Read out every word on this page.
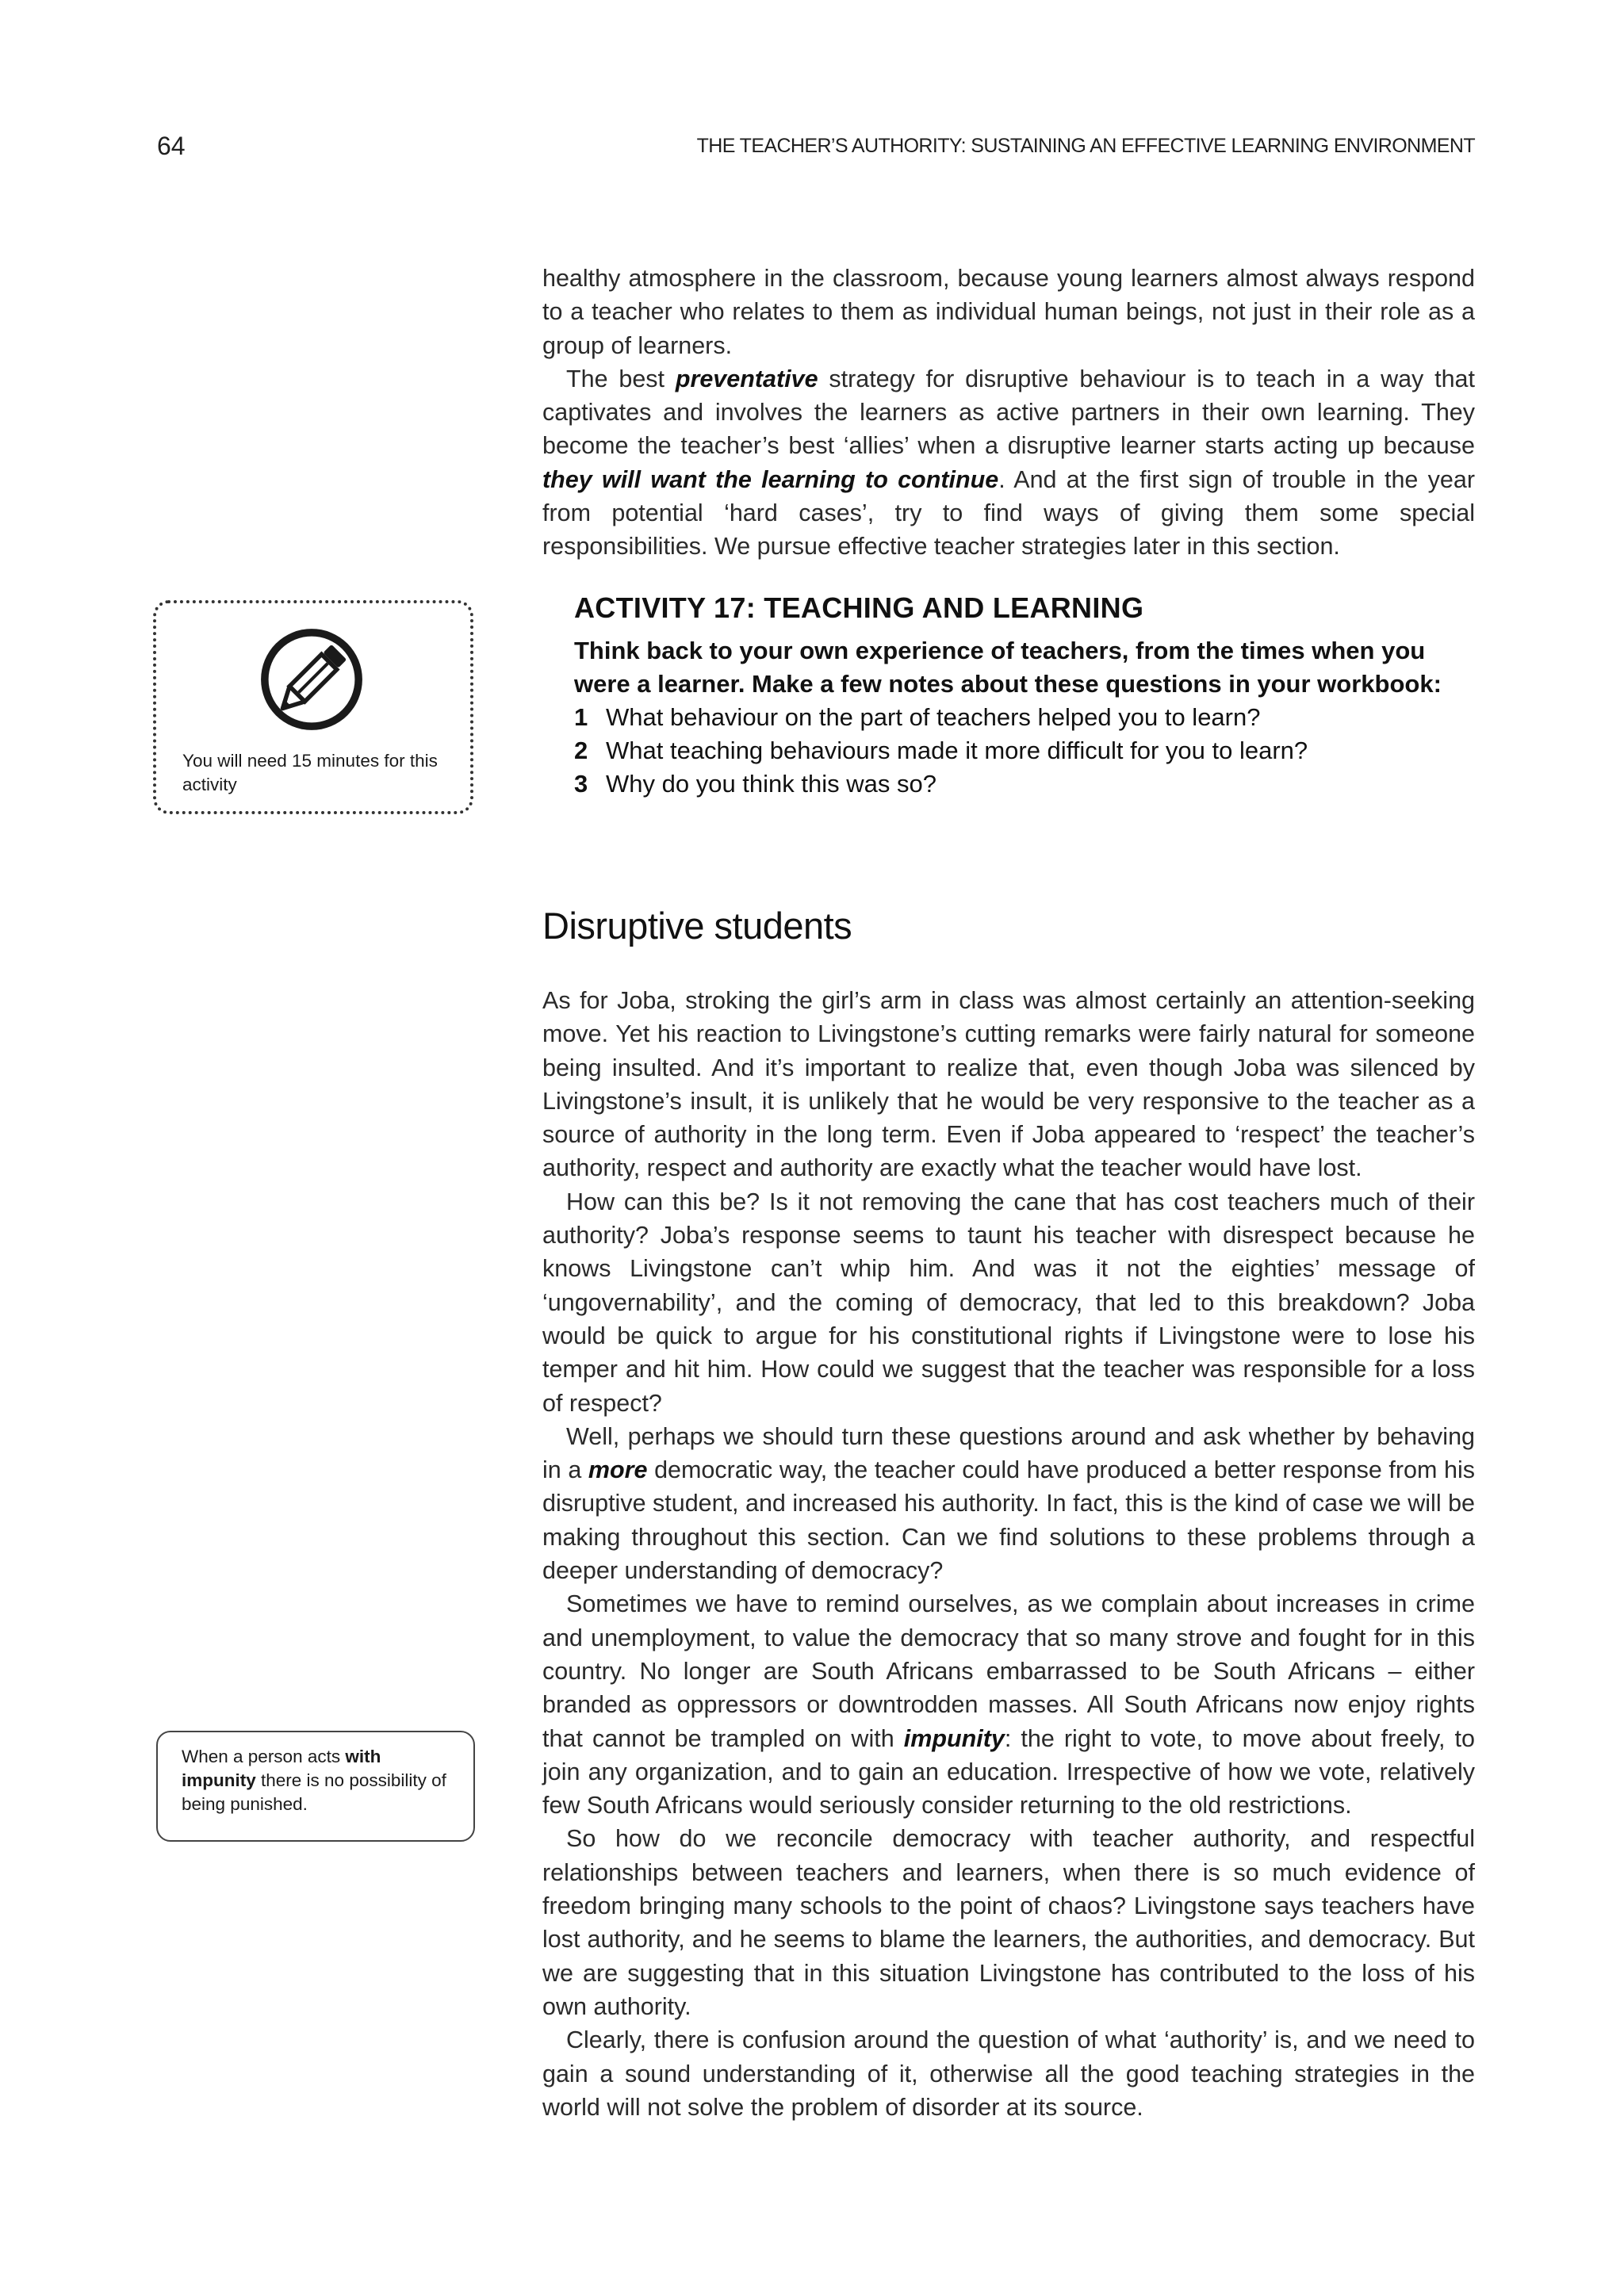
64	THE TEACHER’S AUTHORITY: SUSTAINING AN EFFECTIVE LEARNING ENVIRONMENT

healthy atmosphere in the classroom, because young learners almost always respond to a teacher who relates to them as individual human beings, not just in their role as a group of learners.
The best preventative strategy for disruptive behaviour is to teach in a way that captivates and involves the learners as active partners in their own learning. They become the teacher’s best ‘allies’ when a disruptive learner starts acting up because they will want the learning to continue. And at the first sign of trouble in the year from potential ‘hard cases’, try to find ways of giving them some special responsibilities. We pursue effective teacher strategies later in this section.

You will need 15 minutes for this activity
ACTIVITY 17: TEACHING AND LEARNING

Think back to your own experience of teachers, from the times when you were a learner. Make a few notes about these questions in your workbook:

1 What behaviour on the part of teachers helped you to learn?
2 What teaching behaviours made it more difficult for you to learn?
3 Why do you think this was so?
Disruptive students

As for Joba, stroking the girl’s arm in class was almost certainly an attention-seeking move. Yet his reaction to Livingstone’s cutting remarks were fairly natural for someone being insulted. And it’s important to realize that, even though Joba was silenced by Livingstone’s insult, it is unlikely that he would be very responsive to the teacher as a source of authority in the long term. Even if Joba appeared to ‘respect’ the teacher’s authority, respect and authority are exactly what the teacher would have lost.
How can this be? Is it not removing the cane that has cost teachers much of their authority? Joba’s response seems to taunt his teacher with disrespect because he knows Livingstone can’t whip him. And was it not the eighties’ message of ‘ungovernability’, and the coming of democracy, that led to this breakdown? Joba would be quick to argue for his constitutional rights if Livingstone were to lose his temper and hit him. How could we suggest that the teacher was responsible for a loss of respect?
Well, perhaps we should turn these questions around and ask whether by behaving in a more democratic way, the teacher could have produced a better response from his disruptive student, and increased his authority. In fact, this is the kind of case we will be making throughout this section. Can we find solutions to these problems through a deeper understanding of democracy?
Sometimes we have to remind ourselves, as we complain about increases in crime and unemployment, to value the democracy that so many strove and fought for in this country. No longer are South Africans embarrassed to be South Africans – either branded as oppressors or downtrodden masses. All South Africans now enjoy rights that cannot be trampled on with impunity: the right to vote, to move about freely, to join any organization, and to gain an education. Irrespective of how we vote, relatively few South Africans would seriously consider returning to the old restrictions.
So how do we reconcile democracy with teacher authority, and respectful relationships between teachers and learners, when there is so much evidence of freedom bringing many schools to the point of chaos? Livingstone says teachers have lost authority, and he seems to blame the learners, the authorities, and democracy. But we are suggesting that in this situation Livingstone has contributed to the loss of his own authority.
Clearly, there is confusion around the question of what ‘authority’ is, and we need to gain a sound understanding of it, otherwise all the good teaching strategies in the world will not solve the problem of disorder at its source.

When a person acts with impunity there is no possibility of being punished.
